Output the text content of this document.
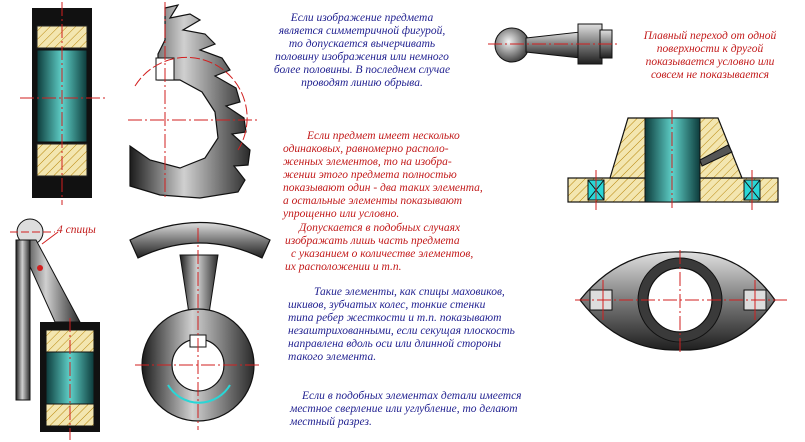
Если изображение предмета
является симметричной фигурой,
то допускается вычерчивать
половину изображения или немного
более половины. В последнем случае
проводят линию обрыва.
Плавный переход от одной
поверхности к другой
показывается условно или
совсем не показывается
Если предмет имеет несколько
одинаковых, равномерно располо-
женных элементов, то на изобра-
жении этого предмета полностью
показывают один - два таких элемента,
а остальные элементы показывают
упрощенно или условно.
Допускается в подобных случаях
изображать лишь часть предмета
с указанием о количестве элементов,
их расположении и т.п.
Такие элементы, как спицы маховиков,
шкивов, зубчатых колес, тонкие стенки
типа ребер жесткости и т.п. показывают
незаштрихованными, если секущая плоскость
направлена вдоль оси или длинной стороны
такого элемента.
Если в подобных элементах детали имеется
местное сверление или углубление, то делают
местный разрез.
4 спицы
